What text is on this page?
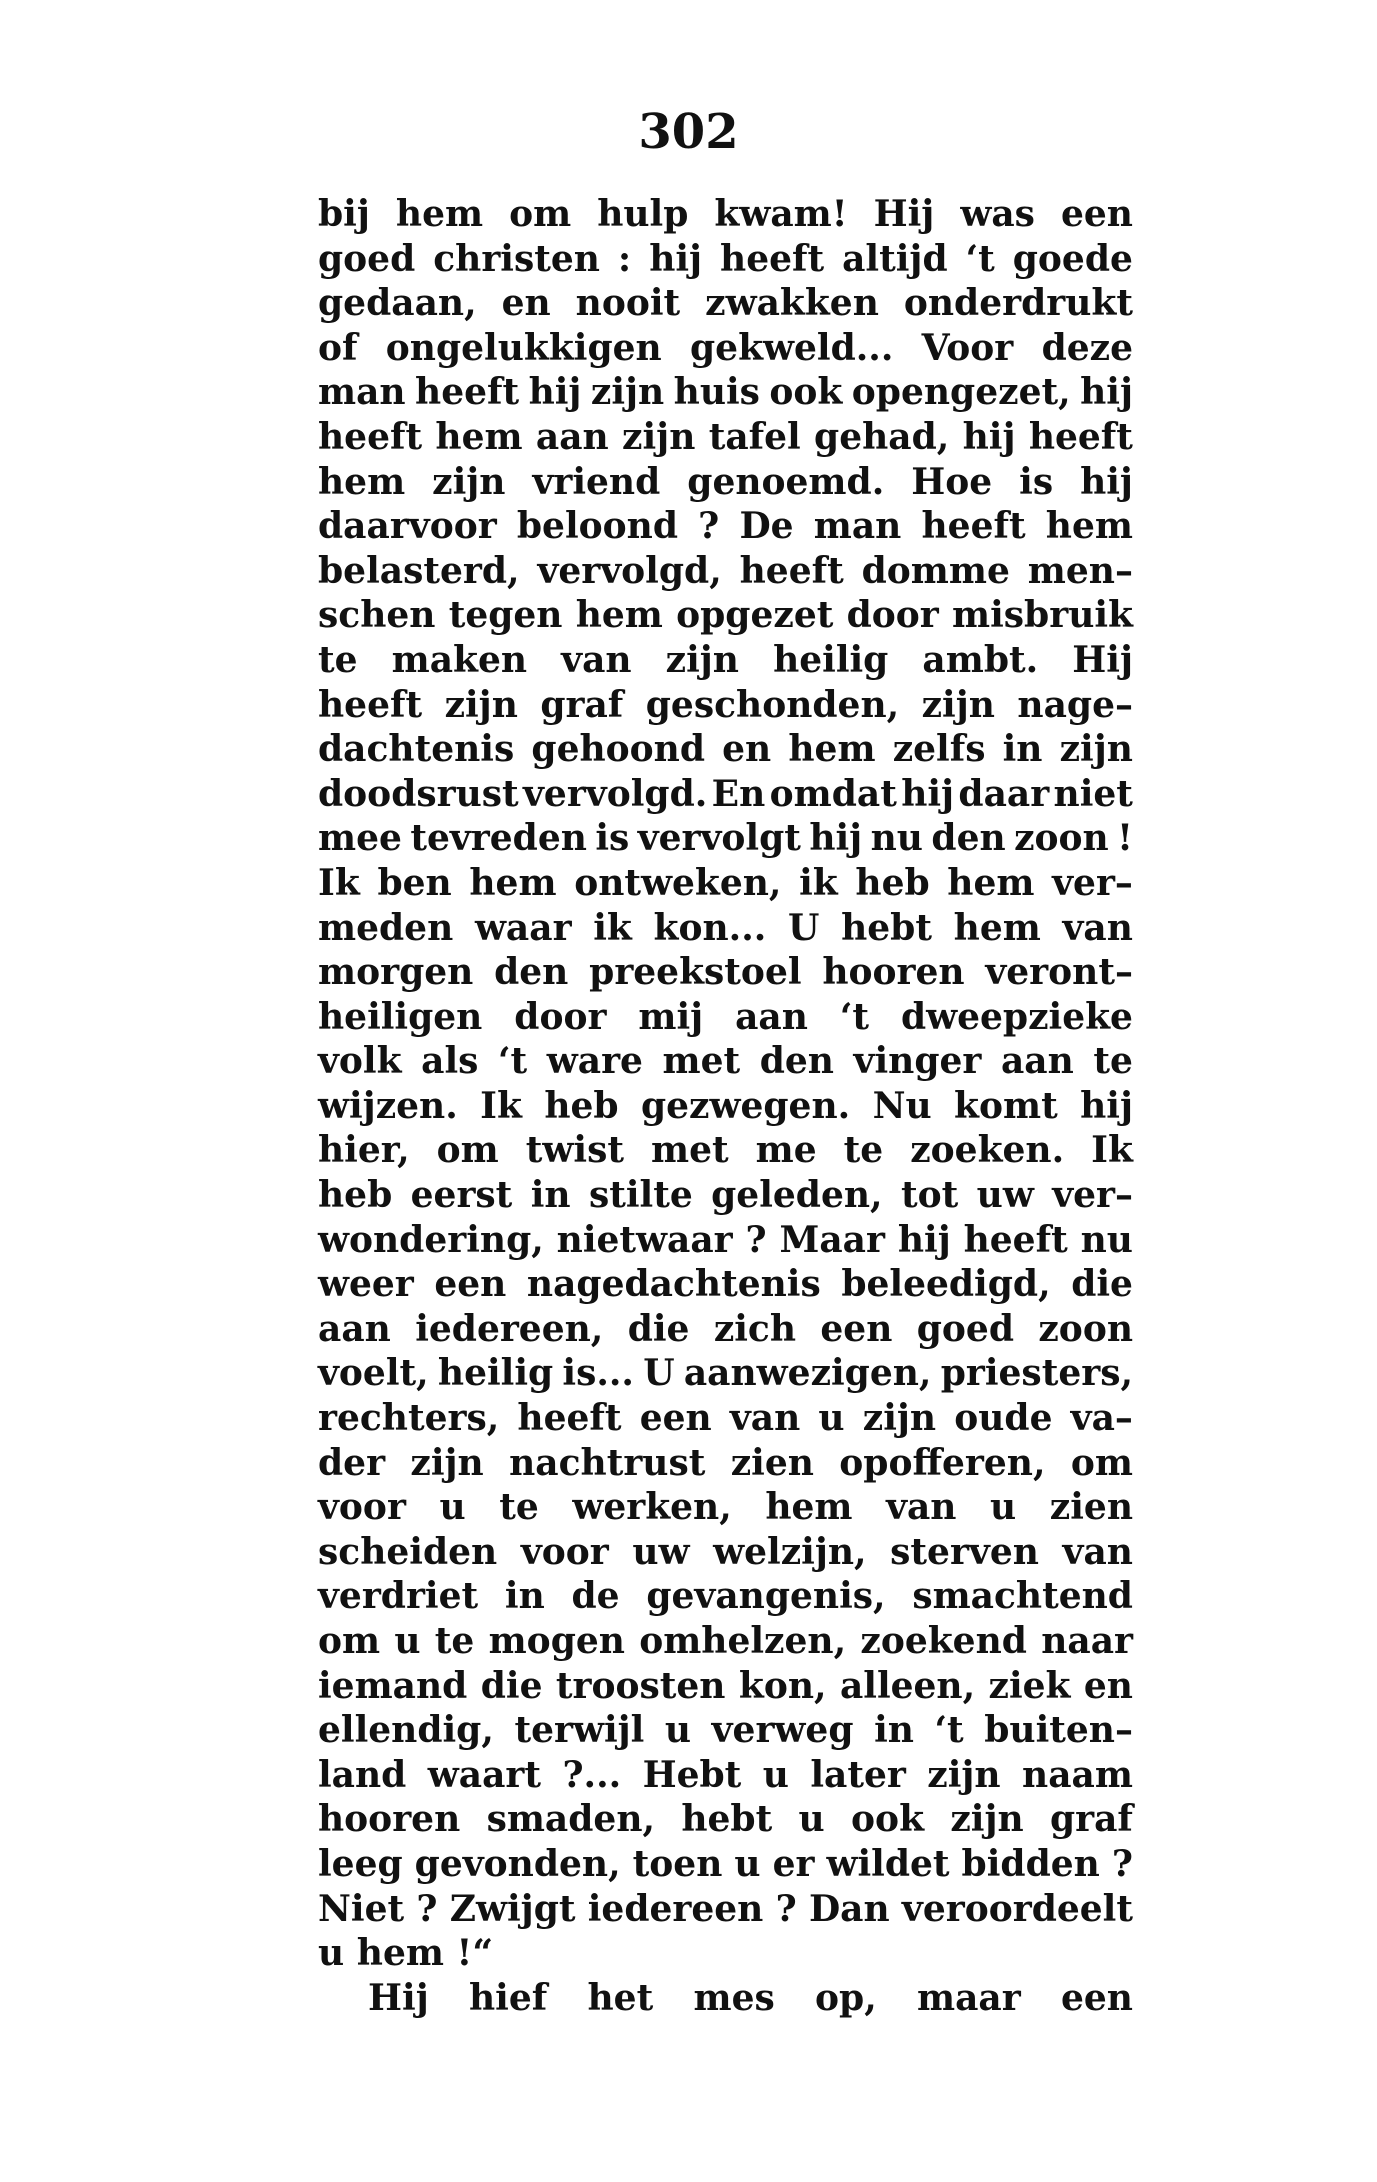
302
bij hem om hulp kwam! Hij was een
goed christen : hij heeft altijd ‘t goede
gedaan, en nooit zwakken onderdrukt
of ongelukkigen gekweld... Voor deze
man heeft hij zijn huis ook opengezet, hij
heeft hem aan zijn tafel gehad, hij heeft
hem zijn vriend genoemd. Hoe is hij
daarvoor beloond ? De man heeft hem
belasterd, vervolgd, heeft domme men–
schen tegen hem opgezet door misbruik
te maken van zijn heilig ambt. Hij
heeft zijn graf geschonden, zijn nage–
dachtenis gehoond en hem zelfs in zijn
doodsrust vervolgd. En omdat hij daar niet
mee tevreden is vervolgt hij nu den zoon !
Ik ben hem ontweken, ik heb hem ver–
meden waar ik kon... U hebt hem van
morgen den preekstoel hooren veront–
heiligen door mij aan ‘t dweepzieke
volk als ‘t ware met den vinger aan te
wijzen. Ik heb gezwegen. Nu komt hij
hier, om twist met me te zoeken. Ik
heb eerst in stilte geleden, tot uw ver–
wondering, nietwaar ? Maar hij heeft nu
weer een nagedachtenis beleedigd, die
aan iedereen, die zich een goed zoon
voelt, heilig is... U aanwezigen, priesters,
rechters, heeft een van u zijn oude va–
der zijn nachtrust zien opofferen, om
voor u te werken, hem van u zien
scheiden voor uw welzijn, sterven van
verdriet in de gevangenis, smachtend
om u te mogen omhelzen, zoekend naar
iemand die troosten kon, alleen, ziek en
ellendig, terwijl u verweg in ‘t buiten–
land waart ?... Hebt u later zijn naam
hooren smaden, hebt u ook zijn graf
leeg gevonden, toen u er wildet bidden ?
Niet ? Zwijgt iedereen ? Dan veroordeelt
u hem !“
Hij hief het mes op, maar een
